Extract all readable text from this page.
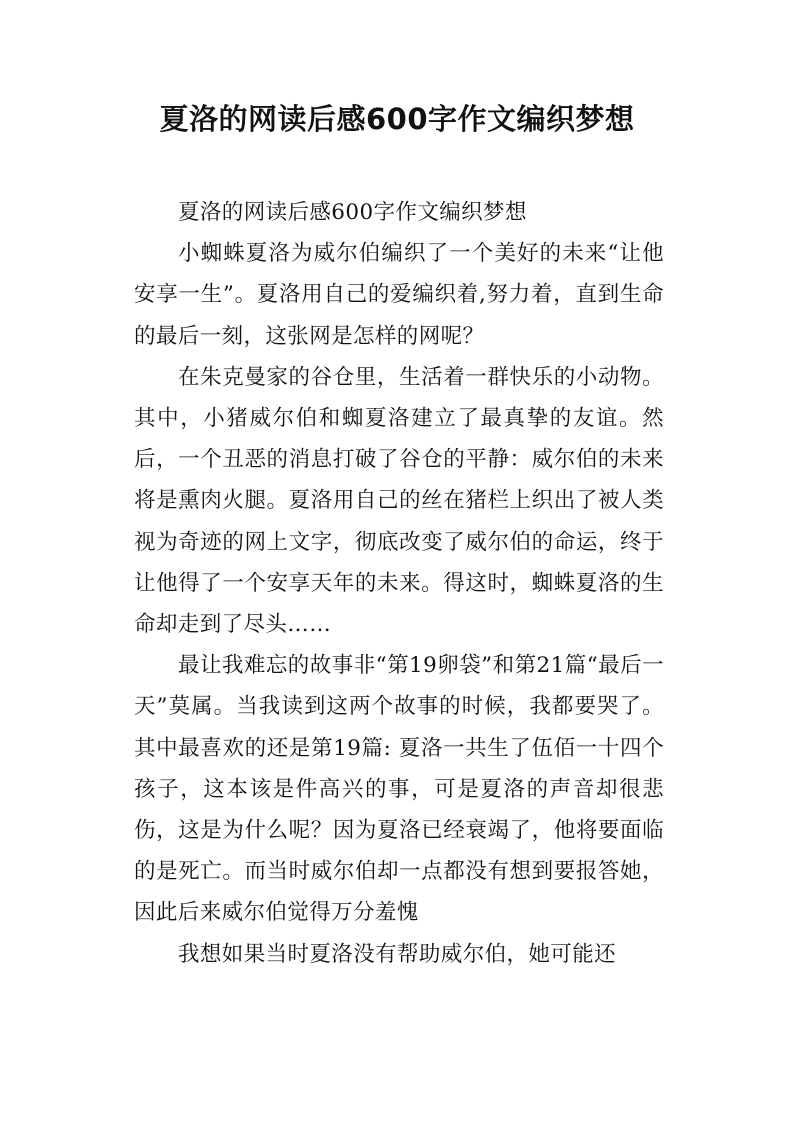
夏洛的网读后感600字作文编织梦想

夏洛的网读后感600字作文编织梦想

小蜘蛛夏洛为威尔伯编织了一个美好的未来“让他安享一生”。夏洛用自己的爱编织着,努力着，直到生命的最后一刻，这张网是怎样的网呢？

在朱克曼家的谷仓里，生活着一群快乐的小动物。其中，小猪威尔伯和蜘夏洛建立了最真挚的友谊。然后，一个丑恶的消息打破了谷仓的平静：威尔伯的未来将是熏肉火腿。夏洛用自己的丝在猪栏上织出了被人类视为奇迹的网上文字，彻底改变了威尔伯的命运，终于让他得了一个安享天年的未来。得这时，蜘蛛夏洛的生命却走到了尽头……

最让我难忘的故事非“第19卵袋”和第21篇“最后一天”莫属。当我读到这两个故事的时候，我都要哭了。其中最喜欢的还是第19篇: 夏洛一共生了伍佰一十四个孩子，这本该是件高兴的事，可是夏洛的声音却很悲伤，这是为什么呢？因为夏洛已经衰竭了，他将要面临的是死亡。而当时威尔伯却一点都没有想到要报答她，因此后来威尔伯觉得万分羞愧

我想如果当时夏洛没有帮助威尔伯，她可能还
